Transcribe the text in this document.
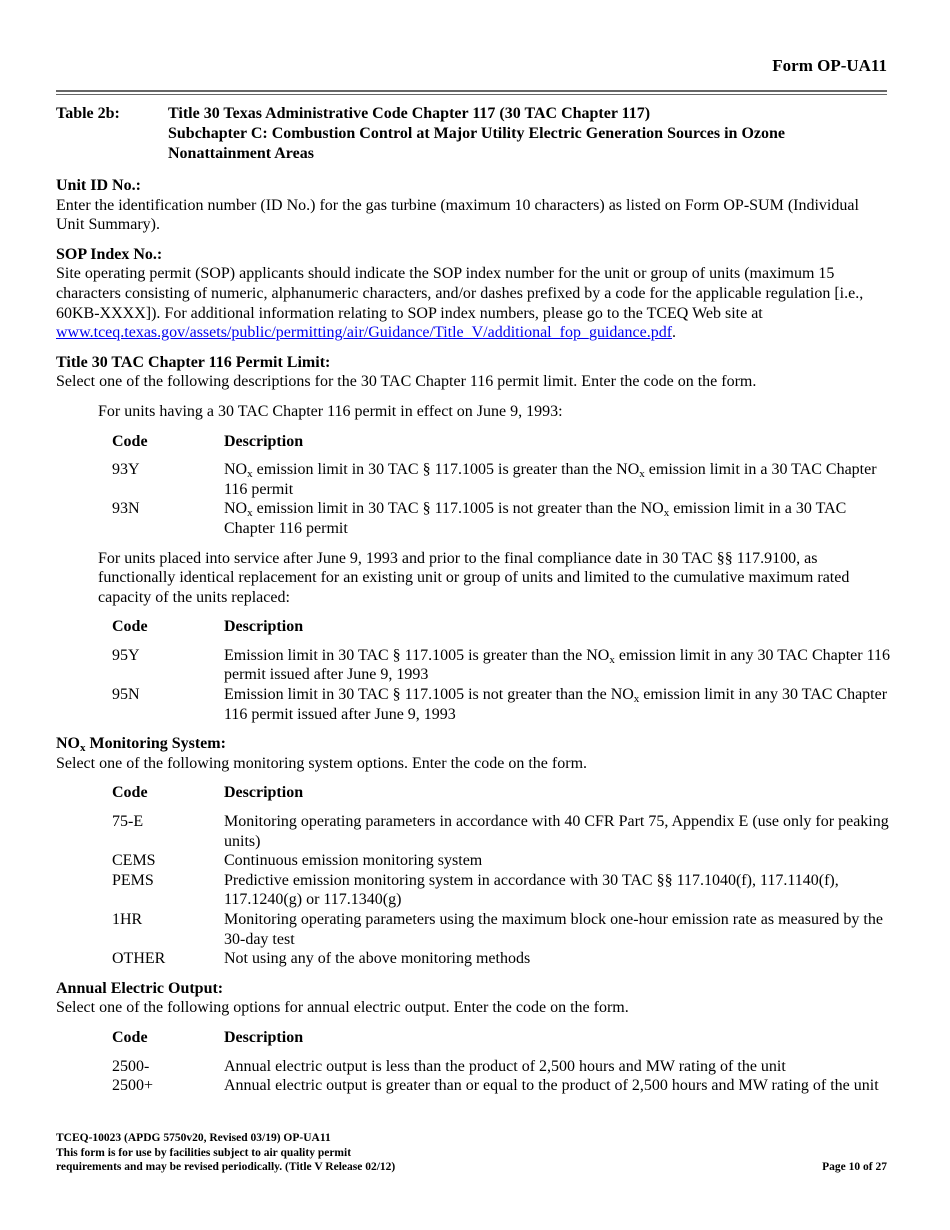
Form OP-UA11
Table 2b:	Title 30 Texas Administrative Code Chapter 117 (30 TAC Chapter 117)
Subchapter C: Combustion Control at Major Utility Electric Generation Sources in Ozone
Nonattainment Areas
Unit ID No.:

Enter the identification number (ID No.) for the gas turbine (maximum 10 characters) as listed on Form OP-SUM (Individual Unit Summary).

SOP Index No.:

Site operating permit (SOP) applicants should indicate the SOP index number for the unit or group of units (maximum 15 characters consisting of numeric, alphanumeric characters, and/or dashes prefixed by a code for the applicable regulation [i.e., 60KB-XXXX]). For additional information relating to SOP index numbers, please go to the TCEQ Web site at www.tceq.texas.gov/assets/public/permitting/air/Guidance/Title_V/additional_fop_guidance.pdf.

Title 30 TAC Chapter 116 Permit Limit:

Select one of the following descriptions for the 30 TAC Chapter 116 permit limit. Enter the code on the form.

For units having a 30 TAC Chapter 116 permit in effect on June 9, 1993:

Code	Description
93Y	$NO_x$ emission limit in 30 TAC § 117.1005 is greater than the $NO_x$ emission limit in a 30 TAC Chapter 116 permit
93N	$NO_x$ emission limit in 30 TAC § 117.1005 is not greater than the $NO_x$ emission limit in a 30 TAC Chapter 116 permit

For units placed into service after June 9, 1993 and prior to the final compliance date in 30 TAC §§ 117.9100, as functionally identical replacement for an existing unit or group of units and limited to the cumulative maximum rated capacity of the units replaced:

Code	Description
95Y	Emission limit in 30 TAC § 117.1005 is greater than the $NO_x$ emission limit in any 30 TAC Chapter 116 permit issued after June 9, 1993
95N	Emission limit in 30 TAC § 117.1005 is not greater than the $NO_x$ emission limit in any 30 TAC Chapter 116 permit issued after June 9, 1993
$NO_x$ Monitoring System:

Select one of the following monitoring system options. Enter the code on the form.

Code	Description
75-E	Monitoring operating parameters in accordance with 40 CFR Part 75, Appendix E (use only for peaking units)
CEMS	Continuous emission monitoring system
PEMS	Predictive emission monitoring system in accordance with 30 TAC §§ 117.1040(f), 117.1140(f), 117.1240(g) or 117.1340(g)
1HR	Monitoring operating parameters using the maximum block one-hour emission rate as measured by the 30-day test
OTHER	Not using any of the above monitoring methods
Annual Electric Output:

Select one of the following options for annual electric output. Enter the code on the form.

Code	Description
2500-	Annual electric output is less than the product of 2,500 hours and MW rating of the unit
2500+	Annual electric output is greater than or equal to the product of 2,500 hours and MW rating of the unit
TCEQ-10023 (APDG 5750v20, Revised 03/19) OP-UA11
This form is for use by facilities subject to air quality permit
requirements and may be revised periodically. (Title V Release 02/12)	Page 10 of 27
